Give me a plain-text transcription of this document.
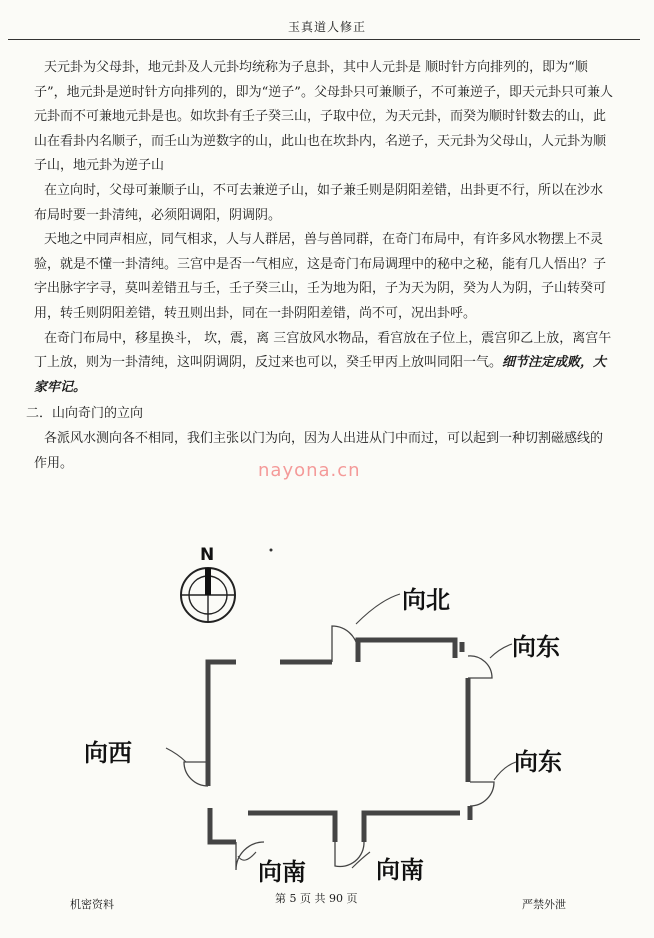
玉真道人修正

天元卦为父母卦，地元卦及人元卦均统称为子息卦，其中人元卦是 顺时针方向排列的，即为“顺子”，地元卦是逆时针方向排列的，即为“逆子”。父母卦只可兼顺子，不可兼逆子，即天元卦只可兼人元卦而不可兼地元卦是也。如坎卦有壬子癸三山，子取中位，为天元卦，而癸为顺时针数去的山，此山在看卦内名顺子，而壬山为逆数字的山，此山也在坎卦内，名逆子，天元卦为父母山，人元卦为顺子山，地元卦为逆子山

在立向时，父母可兼顺子山，不可去兼逆子山，如子兼壬则是阴阳差错，出卦更不行，所以在沙水布局时要一卦清纯，必须阳调阳，阴调阴。

天地之中同声相应，同气相求，人与人群居，兽与兽同群，在奇门布局中，有许多风水物摆上不灵验，就是不懂一卦清纯。三宫中是否一气相应，这是奇门布局调理中的秘中之秘，能有几人悟出？子字出脉字字寻，莫叫差错丑与壬，壬子癸三山，壬为地为阳，子为天为阴，癸为人为阴，子山转癸可用，转壬则阴阳差错，转丑则出卦，同在一卦阴阳差错，尚不可，况出卦呼。

在奇门布局中，移星换斗， 坎，震，离 三宫放风水物品，看宫放在子位上，震宫卯乙上放，离宫午丁上放，则为一卦清纯，这叫阴调阴，反过来也可以，癸壬甲丙上放叫同阳一气。细节注定成败，大家牢记。

二．山向奇门的立向

各派风水测向各不相同，我们主张以门为向，因为人出进从门中而过，可以起到一种切割磁感线的作用。	nayona.cn
N
向北
向东
向东
向西
向南	向南
机密资料	第 5 页 共 90 页	严禁外泄
